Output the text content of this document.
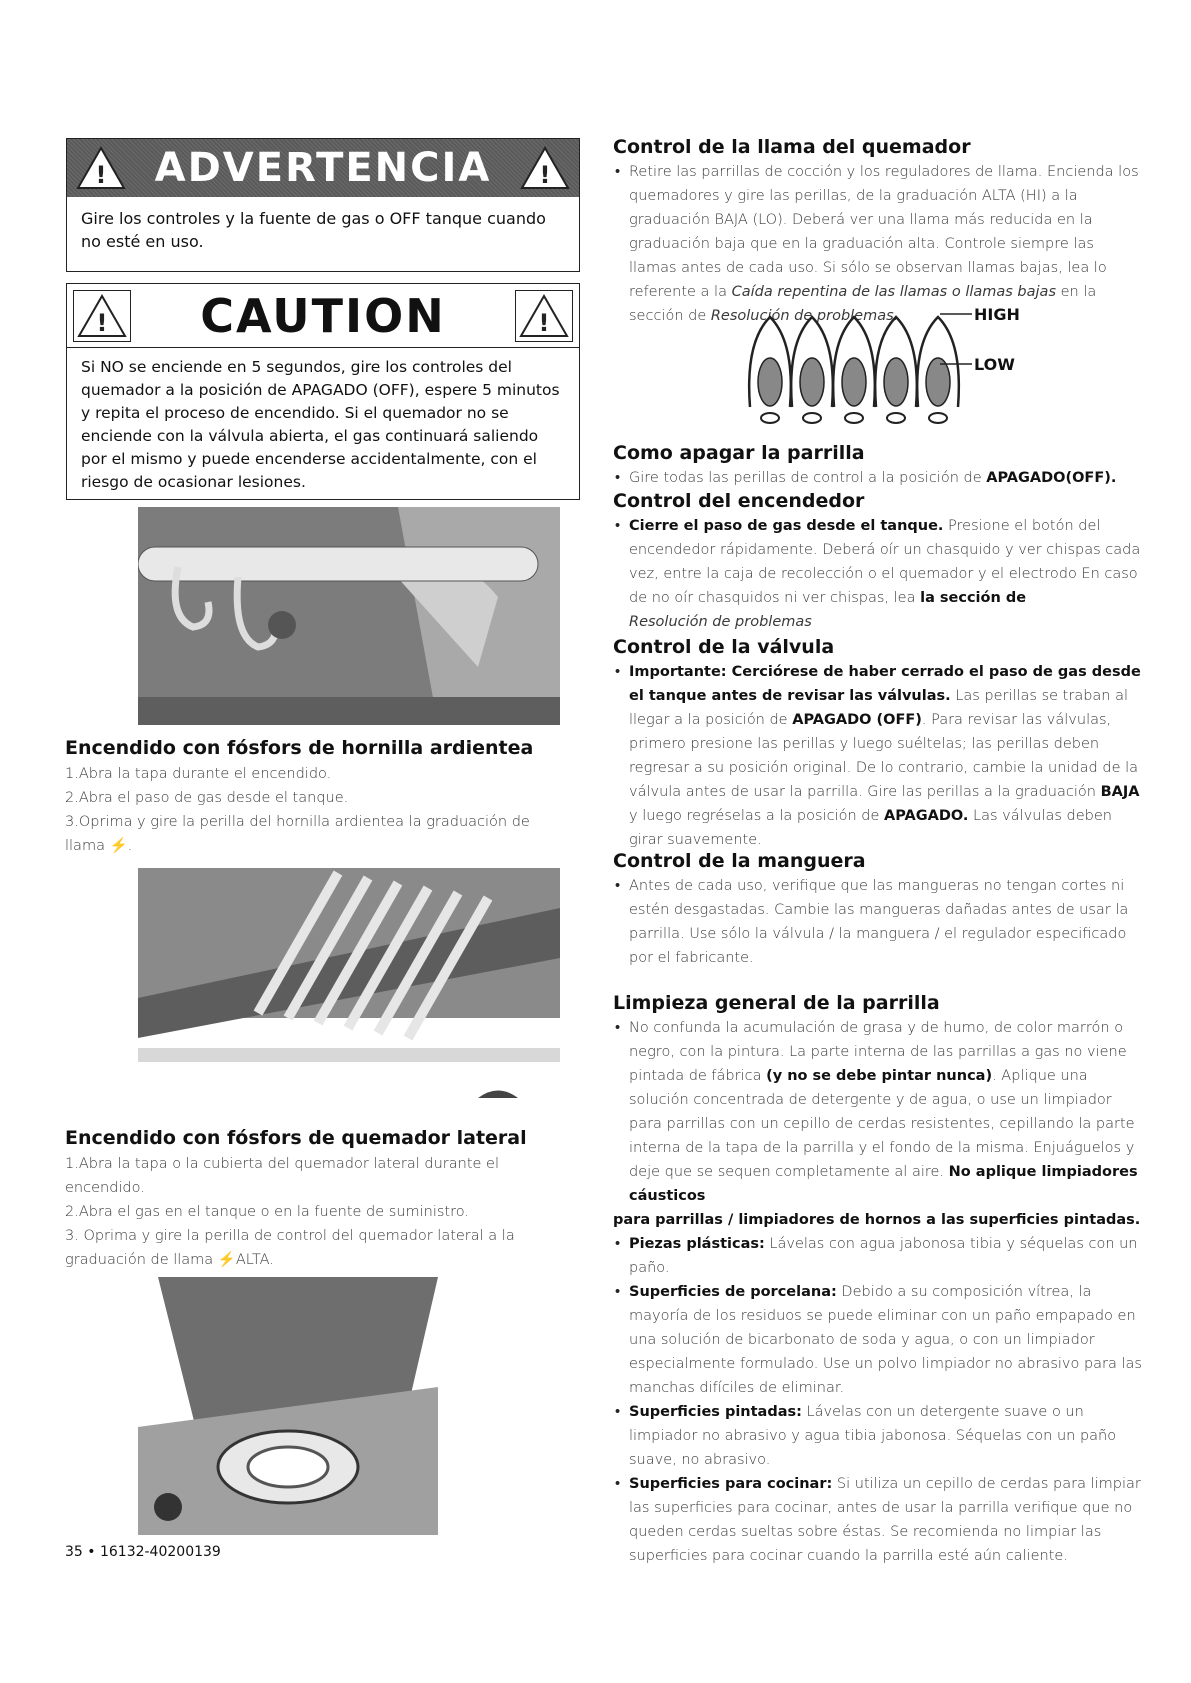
! ADVERTENCIA !
Gire los controles y la fuente de gas o OFF tanque cuando no esté en uso.
! CAUTION	!
Si NO se enciende en 5 segundos, gire los controles del quemador a la posición de APAGADO (OFF), espere 5 minutos y repita el proceso de encendido. Si el quemador no se enciende con la válvula abierta, el gas continuará saliendo por el mismo y puede encenderse accidentalmente, con el riesgo de ocasionar lesiones.
Encendido con fósfors de hornilla ardientea
1.Abra la tapa durante el encendido.
2.Abra el paso de gas desde el tanque.
3.Oprima y gire la perilla del hornilla ardientea la graduación de llama ⚡.
Encendido con fósfors de quemador lateral
1.Abra la tapa o la cubierta del quemador lateral durante el encendido.
2.Abra el gas en el tanque o en la fuente de suministro.
3. Oprima y gire la perilla de control del quemador lateral a la graduación de llama ⚡ALTA.
35 • 16132-40200139
Control de la llama del quemador
• Retire las parrillas de cocción y los reguladores de llama. Encienda los quemadores y gire las perillas, de la graduación ALTA (HI) a la graduación BAJA (LO). Deberá ver una llama más reducida en la graduación baja que en la graduación alta. Controle siempre las llamas antes de cada uso. Si sólo se observan llamas bajas, lea lo referente a la Caída repentina de las llamas o llamas bajas en la sección de Resolución de problemas.	HIGH
LOW
Como apagar la parrilla
• Gire todas las perillas de control a la posición de APAGADO(OFF).
Control del encendedor
• Cierre el paso de gas desde el tanque. Presione el botón del encendedor rápidamente. Deberá oír un chasquido y ver chispas cada vez, entre la caja de recolección o el quemador y el electrodo En caso de no oír chasquidos ni ver chispas, lea la sección de
Resolución de problemas
Control de la válvula
• Importante: Cerciórese de haber cerrado el paso de gas desde el tanque antes de revisar las válvulas. Las perillas se traban al llegar a la posición de APAGADO (OFF). Para revisar las válvulas, primero presione las perillas y luego suéltelas; las perillas deben regresar a su posición original. De lo contrario, cambie la unidad de la válvula antes de usar la parrilla. Gire las perillas a la graduación BAJA y luego regréselas a la posición de APAGADO. Las válvulas deben girar suavemente.
Control de la manguera
• Antes de cada uso, verifique que las mangueras no tengan cortes ni estén desgastadas. Cambie las mangueras dañadas antes de usar la parrilla. Use sólo la válvula / la manguera / el regulador especificado por el fabricante.
Limpieza general de la parrilla
• No confunda la acumulación de grasa y de humo, de color marrón o negro, con la pintura. La parte interna de las parrillas a gas no viene pintada de fábrica (y no se debe pintar nunca). Aplique una solución concentrada de detergente y de agua, o use un limpiador para parrillas con un cepillo de cerdas resistentes, cepillando la parte interna de la tapa de la parrilla y el fondo de la misma. Enjuáguelos y deje que se sequen completamente al aire. No aplique limpiadores cáusticos
para parrillas / limpiadores de hornos a las superficies pintadas.
• Piezas plásticas: Lávelas con agua jabonosa tibia y séquelas con un paño.
• Superficies de porcelana: Debido a su composición vítrea, la mayoría de los residuos se puede eliminar con un paño empapado en una solución de bicarbonato de soda y agua, o con un limpiador especialmente formulado. Use un polvo limpiador no abrasivo para las manchas difíciles de eliminar.
• Superficies pintadas: Lávelas con un detergente suave o un limpiador no abrasivo y agua tibia jabonosa. Séquelas con un paño suave, no abrasivo.
• Superficies para cocinar: Si utiliza un cepillo de cerdas para limpiar las superficies para cocinar, antes de usar la parrilla verifique que no queden cerdas sueltas sobre éstas. Se recomienda no limpiar las superficies para cocinar cuando la parrilla esté aún caliente.
